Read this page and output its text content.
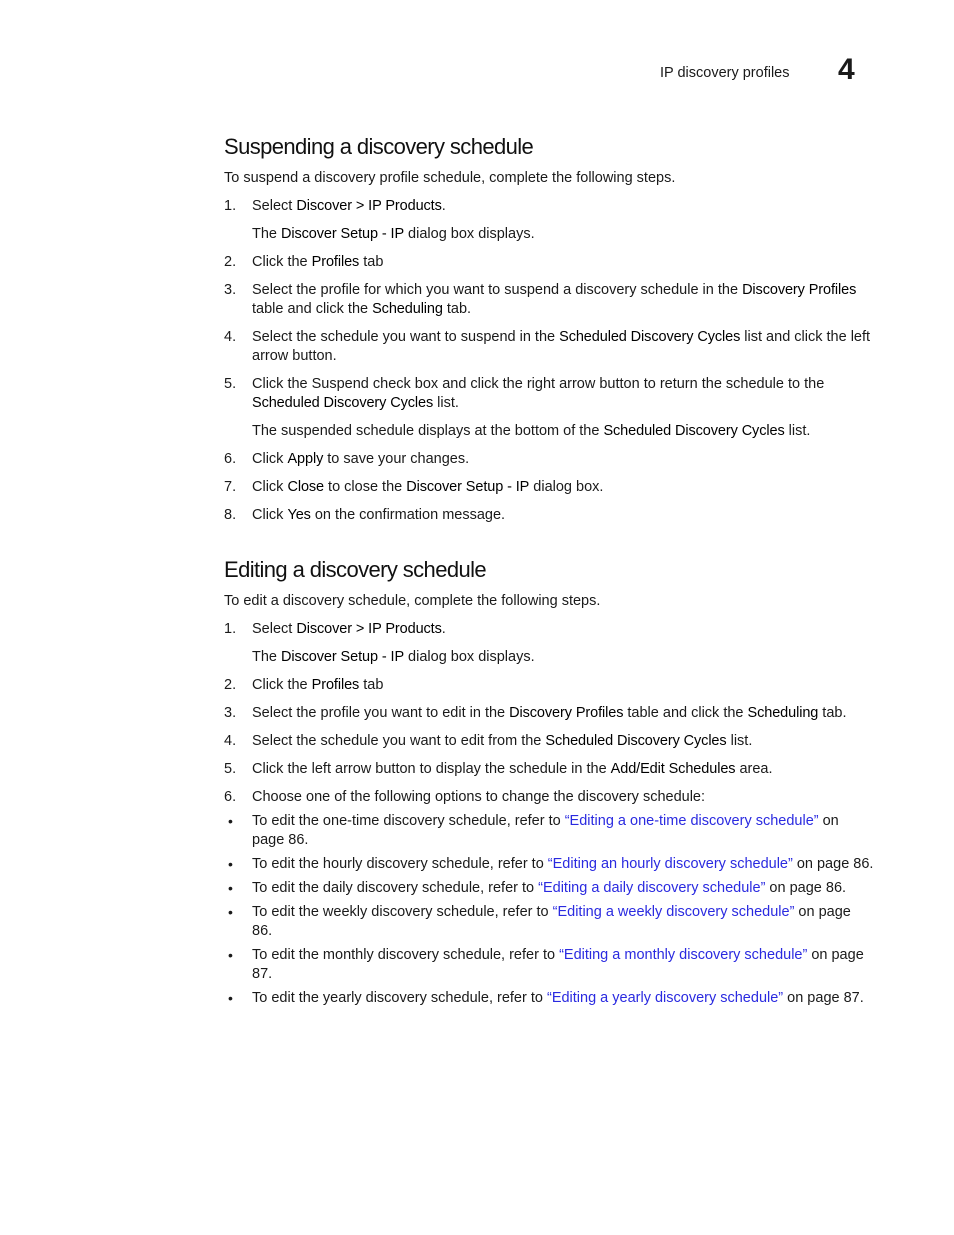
IP discovery profiles 4
Suspending a discovery schedule
To suspend a discovery profile schedule, complete the following steps.
1. Select Discover > IP Products.
The Discover Setup - IP dialog box displays.
2. Click the Profiles tab
3. Select the profile for which you want to suspend a discovery schedule in the Discovery Profiles table and click the Scheduling tab.
4. Select the schedule you want to suspend in the Scheduled Discovery Cycles list and click the left arrow button.
5. Click the Suspend check box and click the right arrow button to return the schedule to the Scheduled Discovery Cycles list.
The suspended schedule displays at the bottom of the Scheduled Discovery Cycles list.
6. Click Apply to save your changes.
7. Click Close to close the Discover Setup - IP dialog box.
8. Click Yes on the confirmation message.
Editing a discovery schedule
To edit a discovery schedule, complete the following steps.
1. Select Discover > IP Products.
The Discover Setup - IP dialog box displays.
2. Click the Profiles tab
3. Select the profile you want to edit in the Discovery Profiles table and click the Scheduling tab.
4. Select the schedule you want to edit from the Scheduled Discovery Cycles list.
5. Click the left arrow button to display the schedule in the Add/Edit Schedules area.
6. Choose one of the following options to change the discovery schedule:
• To edit the one-time discovery schedule, refer to “Editing a one-time discovery schedule” on page 86.
• To edit the hourly discovery schedule, refer to “Editing an hourly discovery schedule” on page 86.
• To edit the daily discovery schedule, refer to “Editing a daily discovery schedule” on page 86.
• To edit the weekly discovery schedule, refer to “Editing a weekly discovery schedule” on page 86.
• To edit the monthly discovery schedule, refer to “Editing a monthly discovery schedule” on page 87.
• To edit the yearly discovery schedule, refer to “Editing a yearly discovery schedule” on page 87.
